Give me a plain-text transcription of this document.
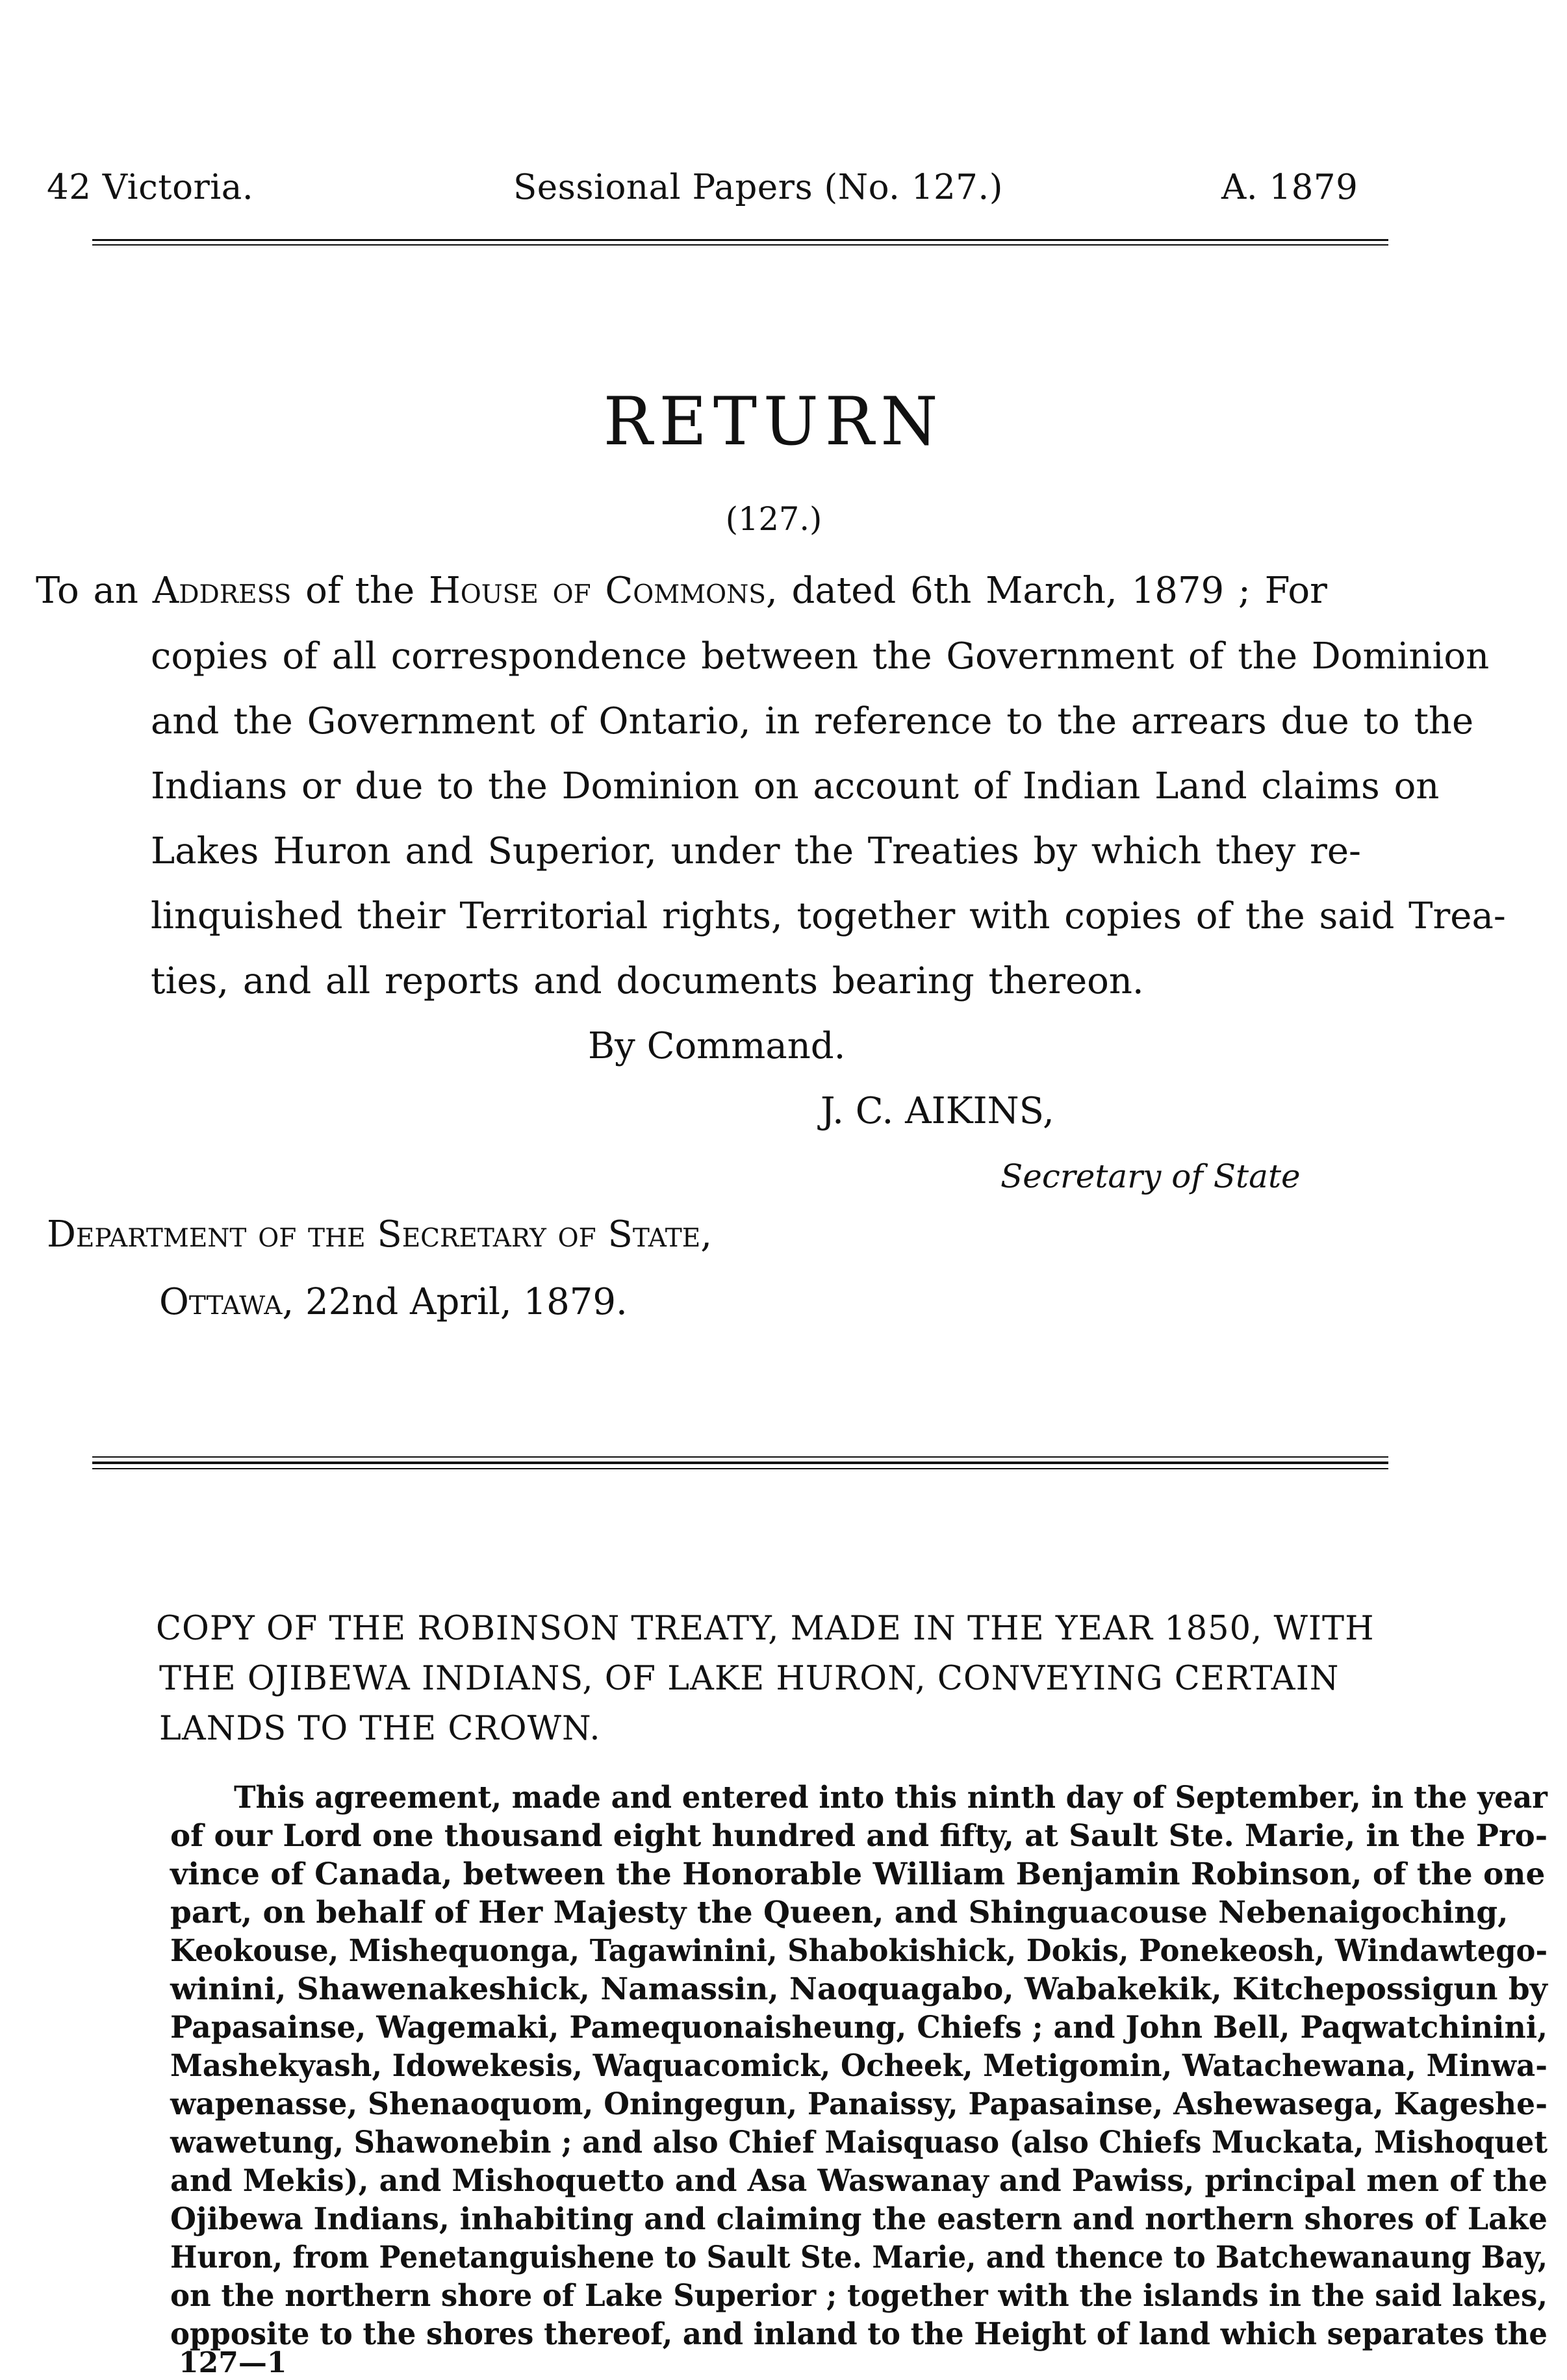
42 Victoria.	Sessional Papers (No. 127.)	A. 1879
RETURN
(127.)
To an Address of the House of Commons, dated 6th March, 1879 ; For
copies of all correspondence between the Government of the Dominion
and the Government of Ontario, in reference to the arrears due to the
Indians or due to the Dominion on account of Indian Land claims on
Lakes Huron and Superior, under the Treaties by which they re-
linquished their Territorial rights, together with copies of the said Trea-
ties, and all reports and documents bearing thereon.
By Command.
J. C. AIKINS,
Secretary of State
Department of the Secretary of State,
Ottawa, 22nd April, 1879.
COPY OF THE ROBINSON TREATY, MADE IN THE YEAR 1850, WITH
THE OJIBEWA INDIANS, OF LAKE HURON, CONVEYING CERTAIN
LANDS TO THE CROWN.
This agreement, made and entered into this ninth day of September, in the year
of our Lord one thousand eight hundred and fifty, at Sault Ste. Marie, in the Pro-
vince of Canada, between the Honorable William Benjamin Robinson, of the one
part, on behalf of Her Majesty the Queen, and Shinguacouse Nebenaigoching,
Keokouse, Mishequonga, Tagawinini, Shabokishick, Dokis, Ponekeosh, Windawtego-
winini, Shawenakeshick, Namassin, Naoquagabo, Wabakekik, Kitchepossigun by
Papasainse, Wagemaki, Pamequonaisheung, Chiefs ; and John Bell, Paqwatchinini,
Mashekyash, Idowekesis, Waquacomick, Ocheek, Metigomin, Watachewana, Minwa-
wapenasse, Shenaoquom, Oningegun, Panaissy, Papasainse, Ashewasega, Kageshe-
wawetung, Shawonebin ; and also Chief Maisquaso (also Chiefs Muckata, Mishoquet
and Mekis), and Mishoquetto and Asa Waswanay and Pawiss, principal men of the
Ojibewa Indians, inhabiting and claiming the eastern and northern shores of Lake
Huron, from Penetanguishene to Sault Ste. Marie, and thence to Batchewanaung Bay,
on the northern shore of Lake Superior ; together with the islands in the said lakes,
opposite to the shores thereof, and inland to the Height of land which separates the
127—1
